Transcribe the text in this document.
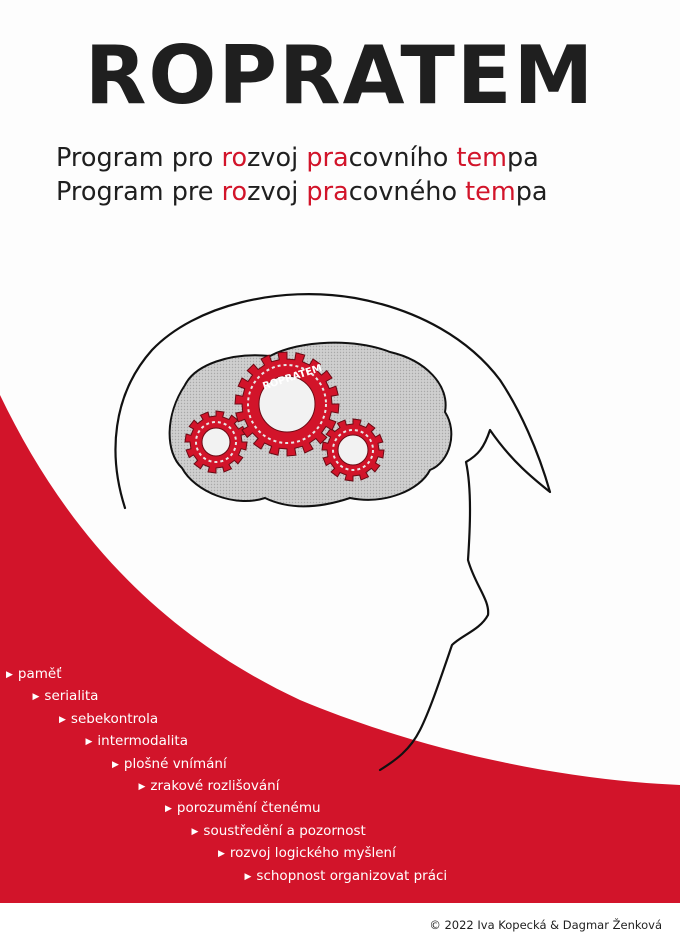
ROPRATEM
ROPRATEM
Program pro rozvoj pracovního tempa
Program pre rozvoj pracovného tempa
▶ paměť
▶ serialita
▶ sebekontrola
▶ intermodalita
▶ plošné vnímání
▶ zrakové rozlišování
▶ porozumění čtenému
▶ soustředění a pozornost
▶ rozvoj logického myšlení
▶ schopnost organizovat práci
© 2022 Iva Kopecká & Dagmar Ženková
